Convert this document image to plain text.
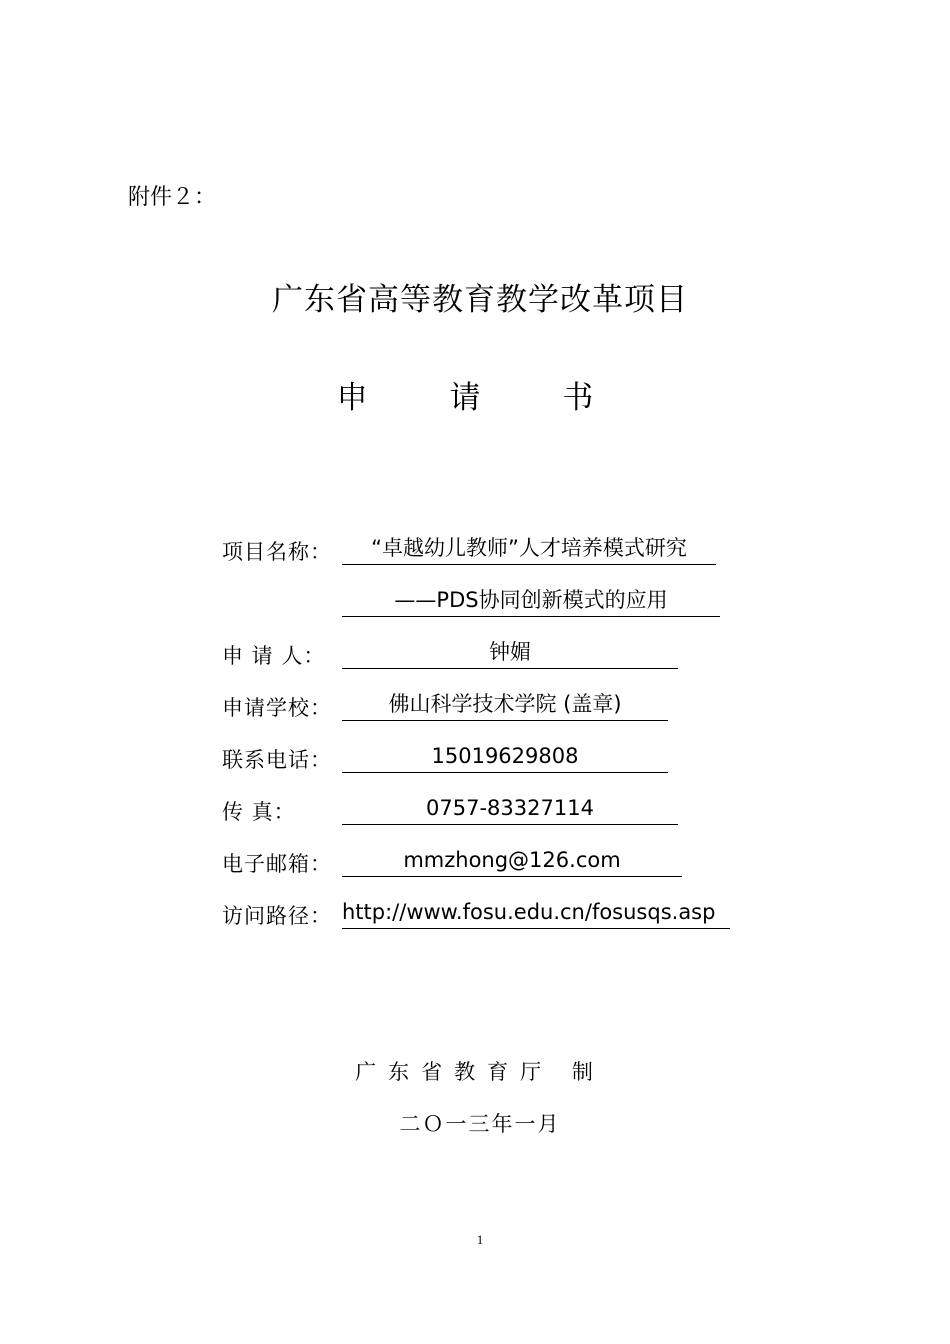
附件２：
广东省高等教育教学改革项目
申 请 书
项目名称：	“卓越幼儿教师”人才培养模式研究
——PDS协同创新模式的应用
申 请 人：	钟媚
申请学校：	佛山科学技术学院 (盖章)
联系电话：	15019629808
传 真：	0757-83327114
电子邮箱：	mmzhong@126.com
访问路径： http://www.fosu.edu.cn/fosusqs.asp
广东省教育厅 制
二Ｏ一三年一月
1
